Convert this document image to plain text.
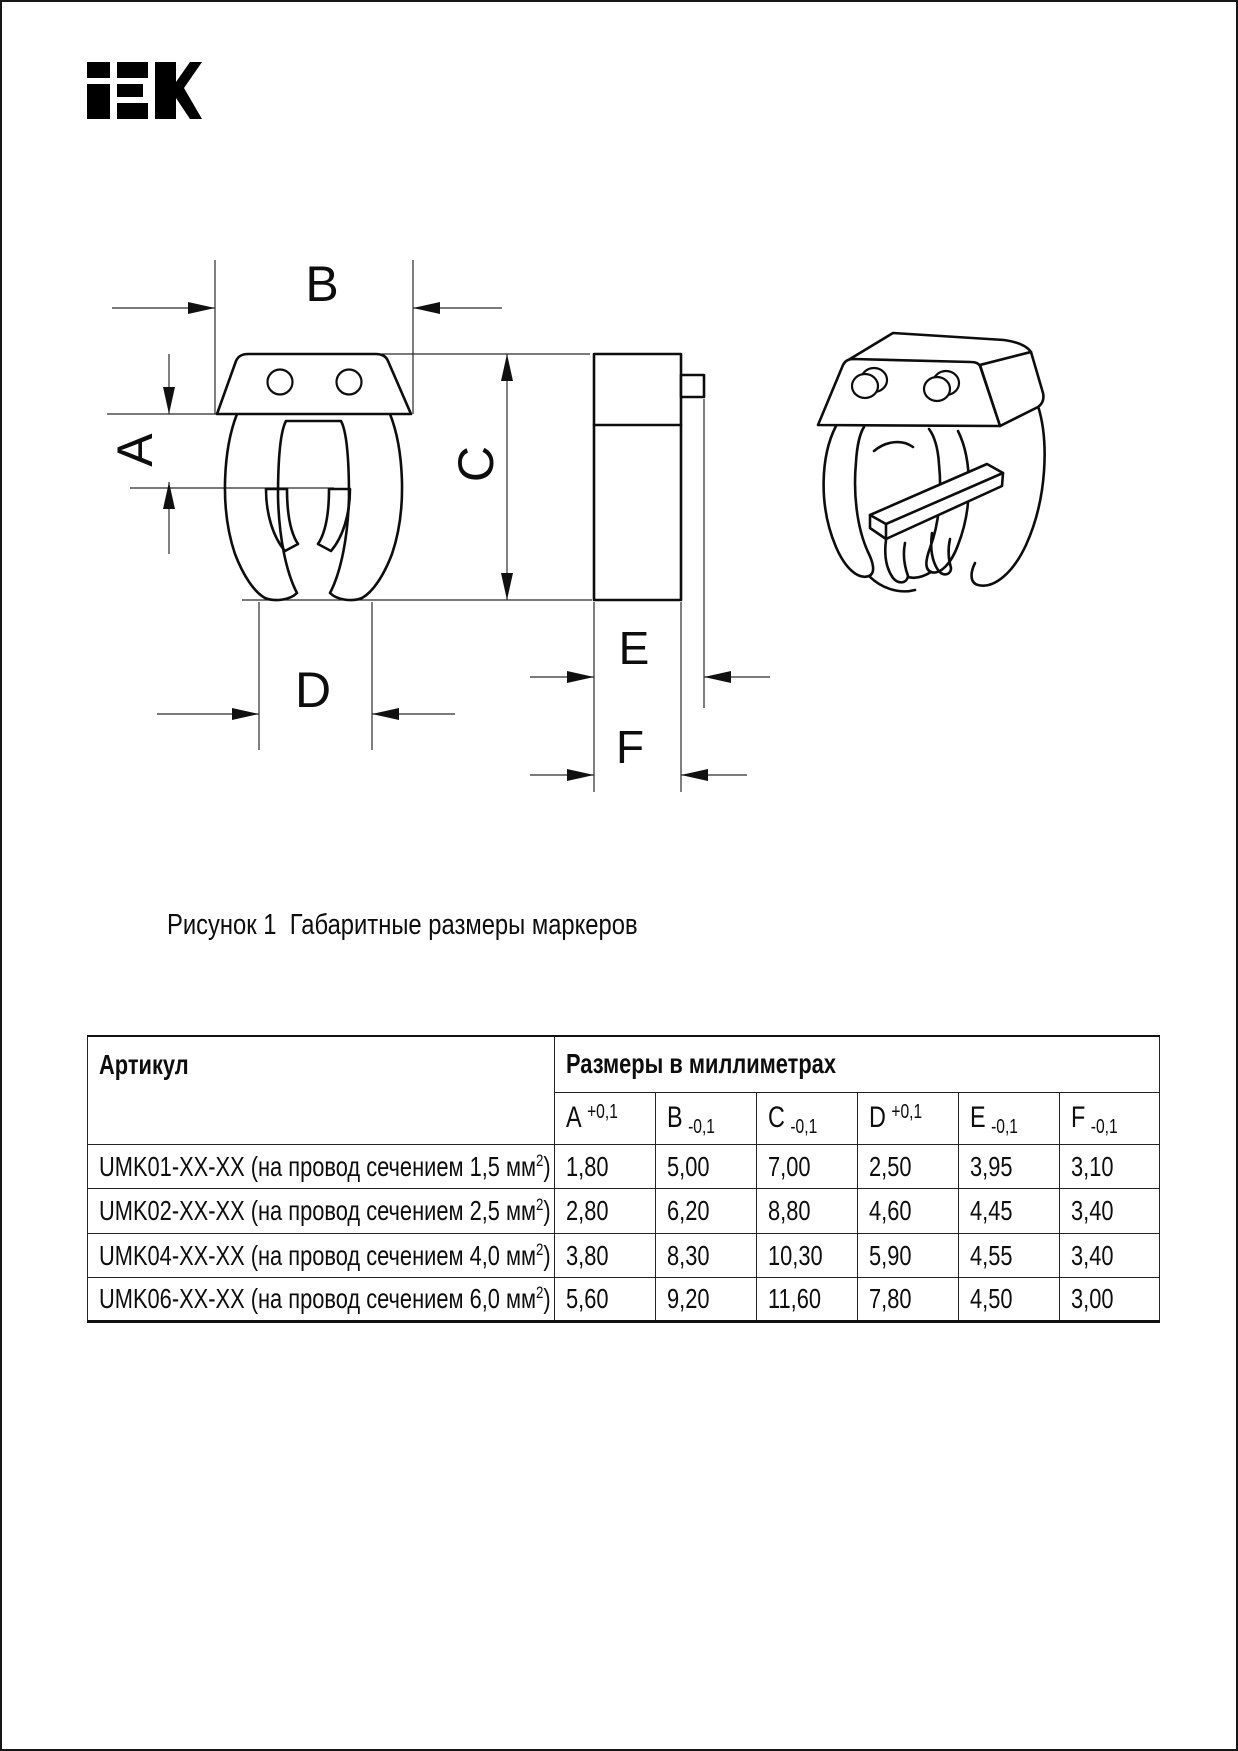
B
A	C
D
E
F

Рисунок 1  Габаритные размеры маркеров

Артикул	Размеры в миллиметрах					
	A $^{+0,1}$	B $_{-0,1}$	C $_{-0,1}$	D $^{+0,1}$	E $_{-0,1}$	F $_{-0,1}$
UMK01-XX-XX (на провод сечением 1,5 $мм^2$)	1,80	5,00	7,00	2,50	3,95	3,10
UMK02-XX-XX (на провод сечением 2,5 $мм^2$)	2,80	6,20	8,80	4,60	4,45	3,40
UMK04-XX-XX (на провод сечением 4,0 $мм^2$)	3,80	8,30	10,30	5,90	4,55	3,40
UMK06-XX-XX (на провод сечением 6,0 $мм^2$)	5,60	9,20	11,60	7,80	4,50	3,00
